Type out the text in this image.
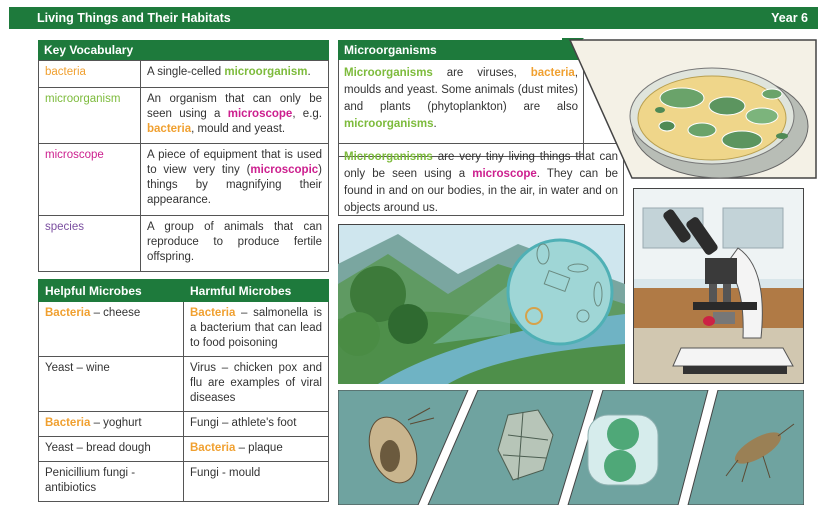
Living Things and Their Habitats	Year 6
Key Vocabulary
bacteria	A single-celled microorganism.
microorganism	An organism that can only be seen using a microscope, e.g. bacteria, mould and yeast.
microscope	A piece of equipment that is used to view very tiny (microscopic) things by magnifying their appearance.
species	A group of animals that can reproduce to produce fertile offspring.
Helpful Microbes	Harmful Microbes
Bacteria – cheese	Bacteria – salmonella is a bacterium that can lead to food poisoning
Yeast – wine	Virus – chicken pox and flu are examples of viral diseases
Bacteria – yoghurt	Fungi – athlete's foot
Yeast – bread dough	Bacteria – plaque
Penicillium fungi - antibiotics	Fungi - mould
Microorganisms
Microorganisms are viruses, bacteria, moulds and yeast. Some animals (dust mites) and plants (phytoplankton) are also microorganisms.
Microorganisms are very tiny living things that can only be seen using a microscope. They can be found in and on our bodies, in the air, in water and on objects around us.
